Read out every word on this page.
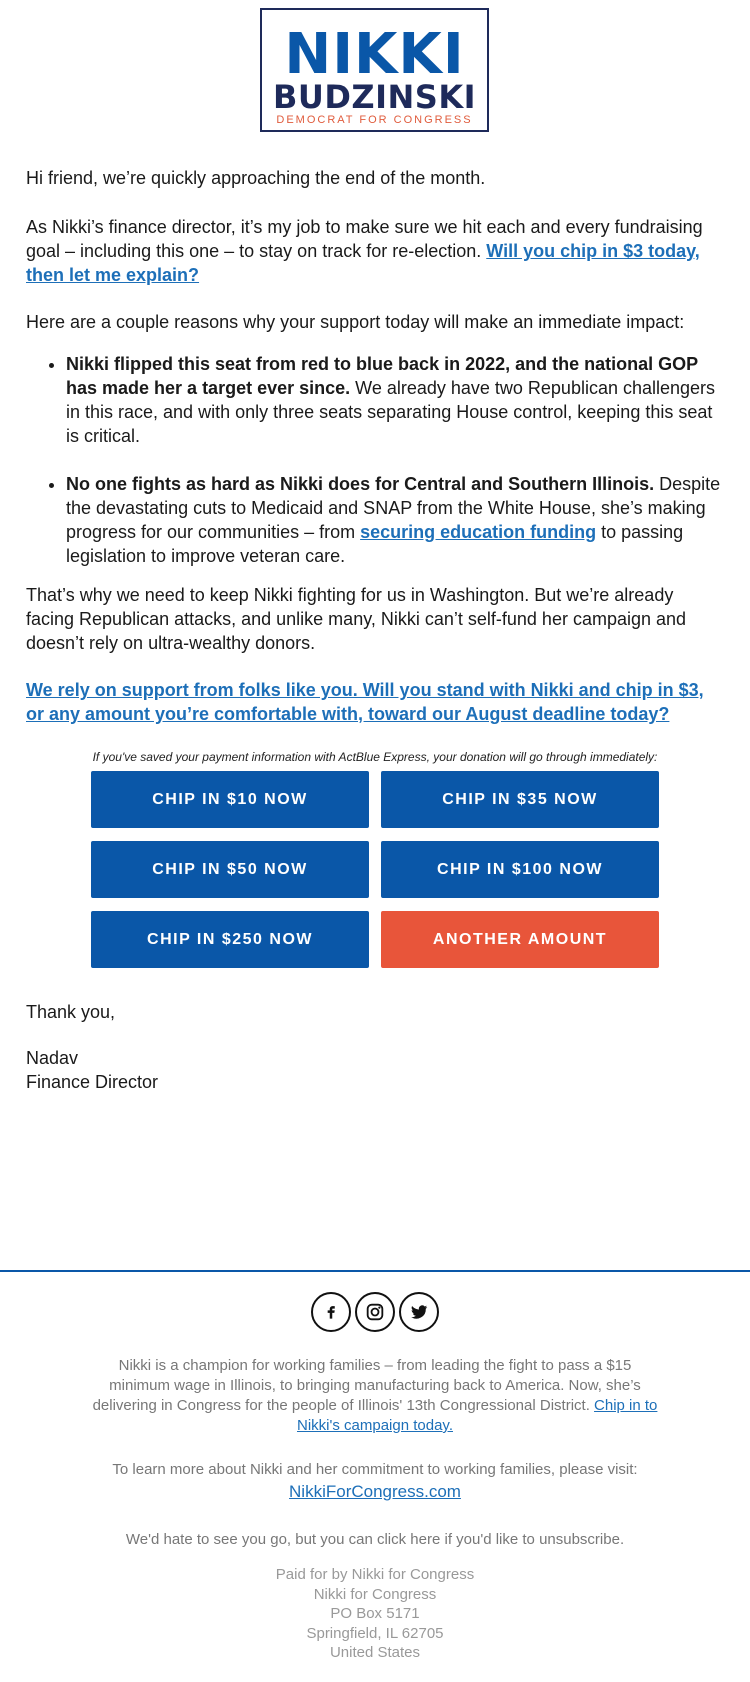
NIKKI
BUDZINSKI
DEMOCRAT FOR CONGRESS

Hi friend, we’re quickly approaching the end of the month.

As Nikki’s finance director, it’s my job to make sure we hit each and every fundraising goal – including this one – to stay on track for re-election. Will you chip in $3 today, then let me explain?

Here are a couple reasons why your support today will make an immediate impact:

• Nikki flipped this seat from red to blue back in 2022, and the national GOP has made her a target ever since. We already have two Republican challengers in this race, and with only three seats separating House control, keeping this seat is critical.
• No one fights as hard as Nikki does for Central and Southern Illinois. Despite the devastating cuts to Medicaid and SNAP from the White House, she’s making progress for our communities – from securing education funding to passing legislation to improve veteran care.

That’s why we need to keep Nikki fighting for us in Washington. But we’re already facing Republican attacks, and unlike many, Nikki can’t self-fund her campaign and doesn’t rely on ultra-wealthy donors.

We rely on support from folks like you. Will you stand with Nikki and chip in $3, or any amount you’re comfortable with, toward our August deadline today?

If you've saved your payment information with ActBlue Express, your donation will go through immediately:
CHIP IN $10 NOW	CHIP IN $35 NOW
CHIP IN $50 NOW	CHIP IN $100 NOW
CHIP IN $250 NOW	ANOTHER AMOUNT

Thank you,

Nadav

Finance Director

Nikki is a champion for working families – from leading the fight to pass a $15 minimum wage in Illinois, to bringing manufacturing back to America. Now, she’s delivering in Congress for the people of Illinois' 13th Congressional District. Chip in to Nikki's campaign today.
To learn more about Nikki and her commitment to working families, please visit:
NikkiForCongress.com
We'd hate to see you go, but you can click here if you'd like to unsubscribe.
Paid for by Nikki for Congress
Nikki for Congress
PO Box 5171
Springfield, IL 62705
United States
